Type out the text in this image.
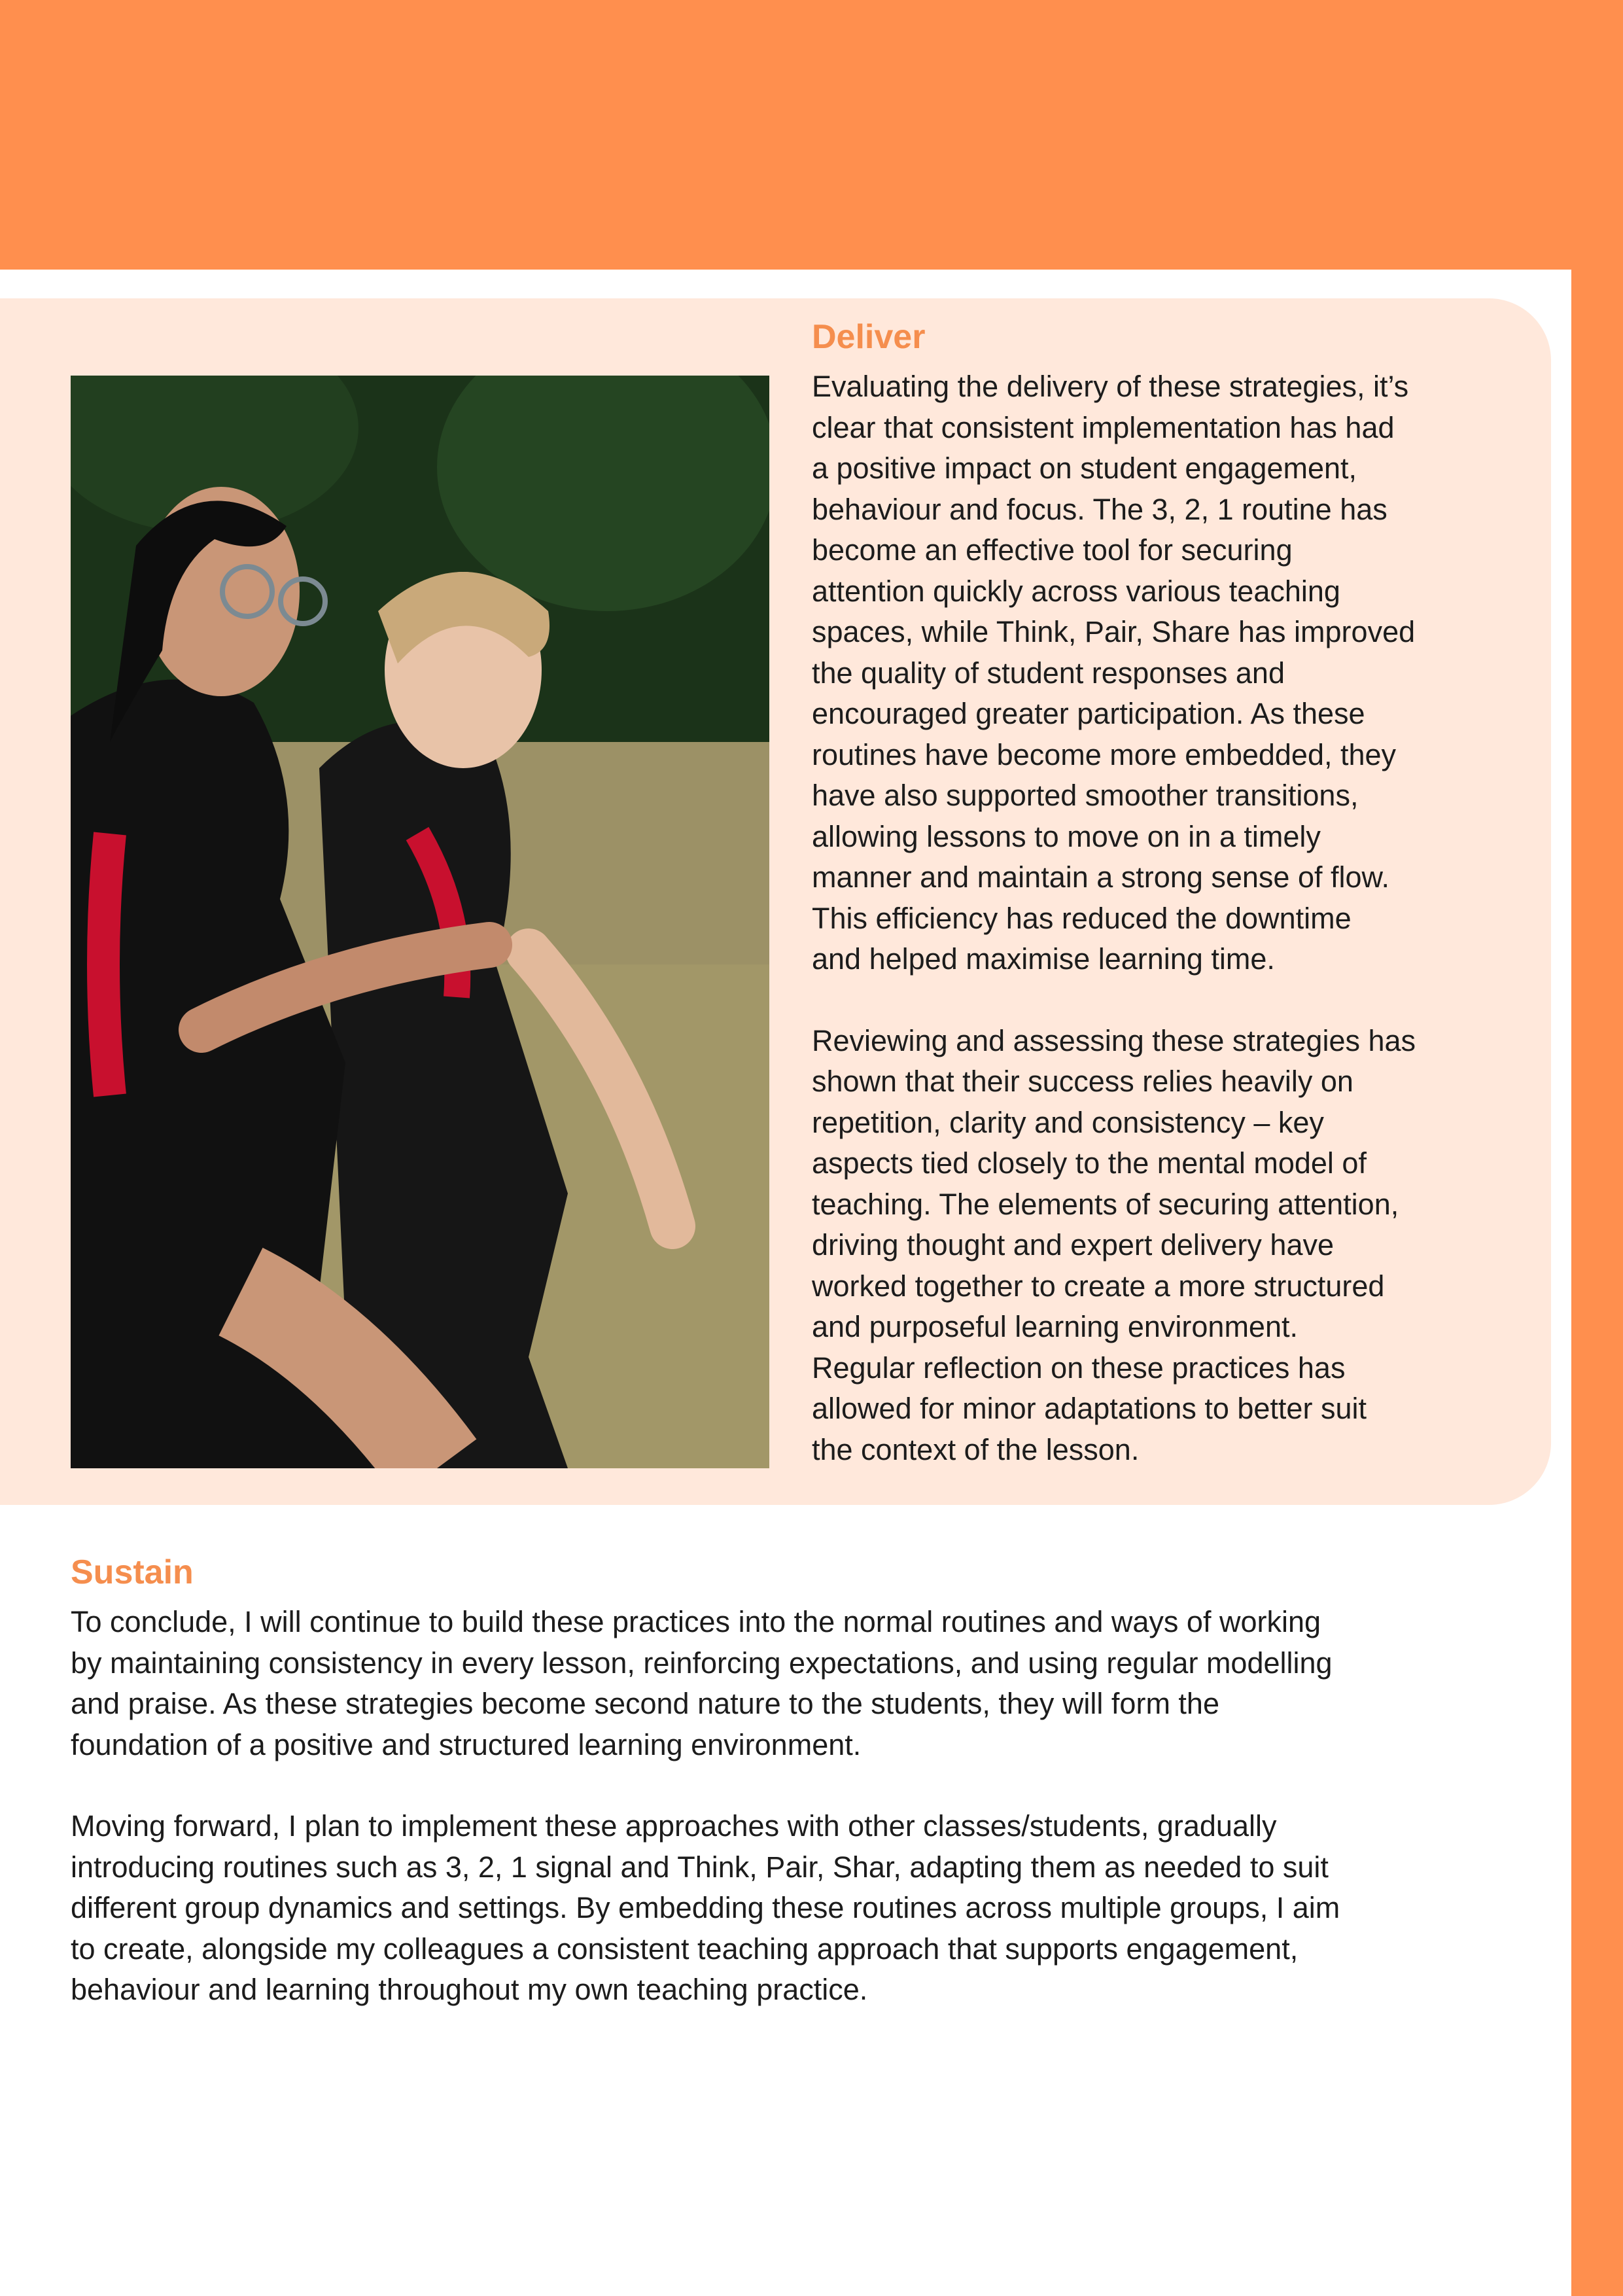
Deliver

Evaluating the delivery of these strategies, it’s
clear that consistent implementation has had
a positive impact on student engagement,
behaviour and focus. The 3, 2, 1 routine has
become an effective tool for securing
attention quickly across various teaching
spaces, while Think, Pair, Share has improved
the quality of student responses and
encouraged greater participation. As these
routines have become more embedded, they
have also supported smoother transitions,
allowing lessons to move on in a timely
manner and maintain a strong sense of flow.
This efficiency has reduced the downtime
and helped maximise learning time.

Reviewing and assessing these strategies has
shown that their success relies heavily on
repetition, clarity and consistency – key
aspects tied closely to the mental model of
teaching. The elements of securing attention,
driving thought and expert delivery have
worked together to create a more structured
and purposeful learning environment.
Regular reflection on these practices has
allowed for minor adaptations to better suit
the context of the lesson.

Sustain

To conclude, I will continue to build these practices into the normal routines and ways of working
by maintaining consistency in every lesson, reinforcing expectations, and using regular modelling
and praise. As these strategies become second nature to the students, they will form the
foundation of a positive and structured learning environment.

Moving forward, I plan to implement these approaches with other classes/students, gradually
introducing routines such as 3, 2, 1 signal and Think, Pair, Shar, adapting them as needed to suit
different group dynamics and settings. By embedding these routines across multiple groups, I aim
to create, alongside my colleagues a consistent teaching approach that supports engagement,
behaviour and learning throughout my own teaching practice.
